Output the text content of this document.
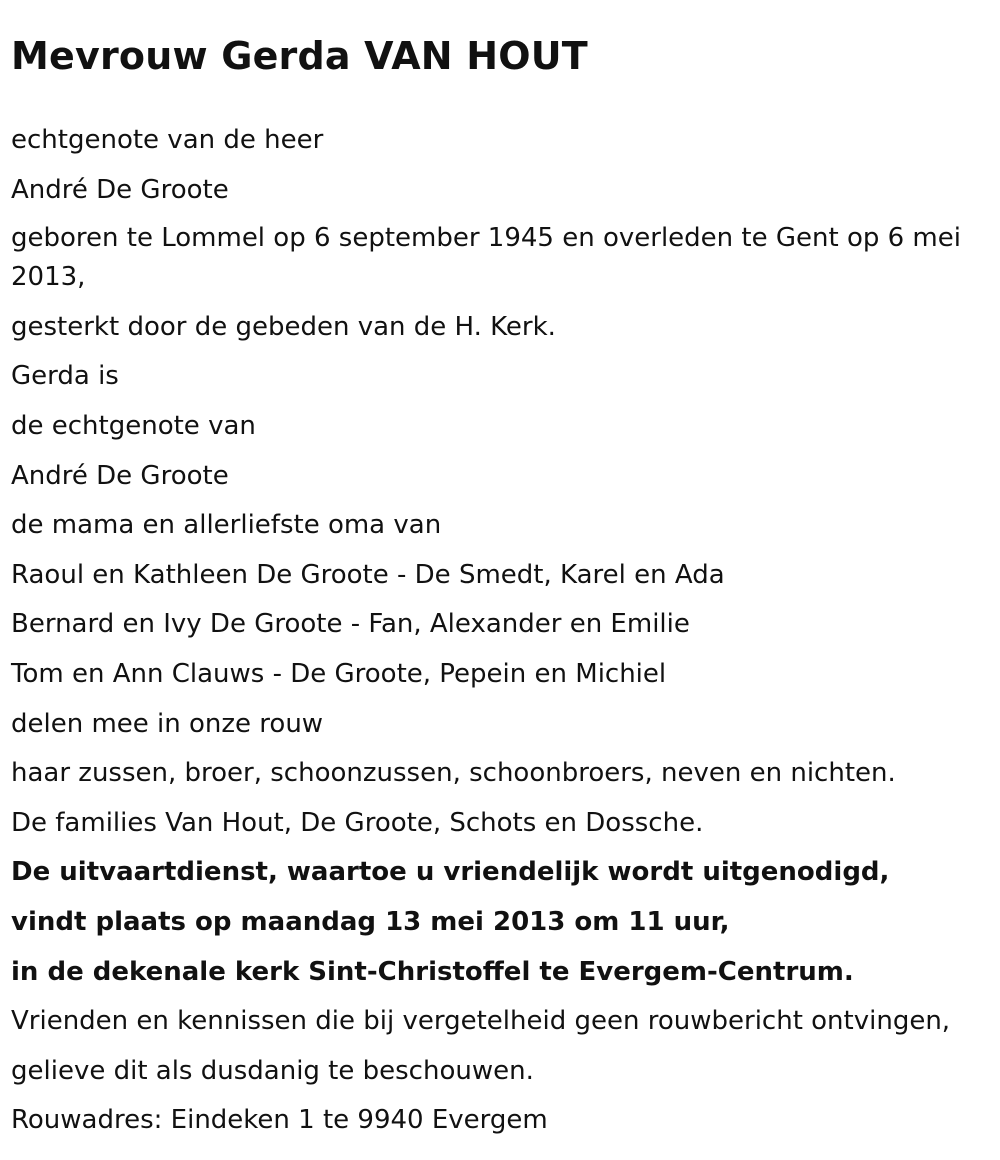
Mevrouw Gerda VAN HOUT
echtgenote van de heer
André De Groote
geboren te Lommel op 6 september 1945 en overleden te Gent op 6 mei
2013,
gesterkt door de gebeden van de H. Kerk.
Gerda is
de echtgenote van
André De Groote
de mama en allerliefste oma van
Raoul en Kathleen De Groote - De Smedt, Karel en Ada
Bernard en Ivy De Groote - Fan, Alexander en Emilie
Tom en Ann Clauws - De Groote, Pepein en Michiel
delen mee in onze rouw
haar zussen, broer, schoonzussen, schoonbroers, neven en nichten.
De families Van Hout, De Groote, Schots en Dossche.
De uitvaartdienst, waartoe u vriendelijk wordt uitgenodigd,
vindt plaats op maandag 13 mei 2013 om 11 uur,
in de dekenale kerk Sint-Christoffel te Evergem-Centrum.
Vrienden en kennissen die bij vergetelheid geen rouwbericht ontvingen,
gelieve dit als dusdanig te beschouwen.
Rouwadres: Eindeken 1 te 9940 Evergem
